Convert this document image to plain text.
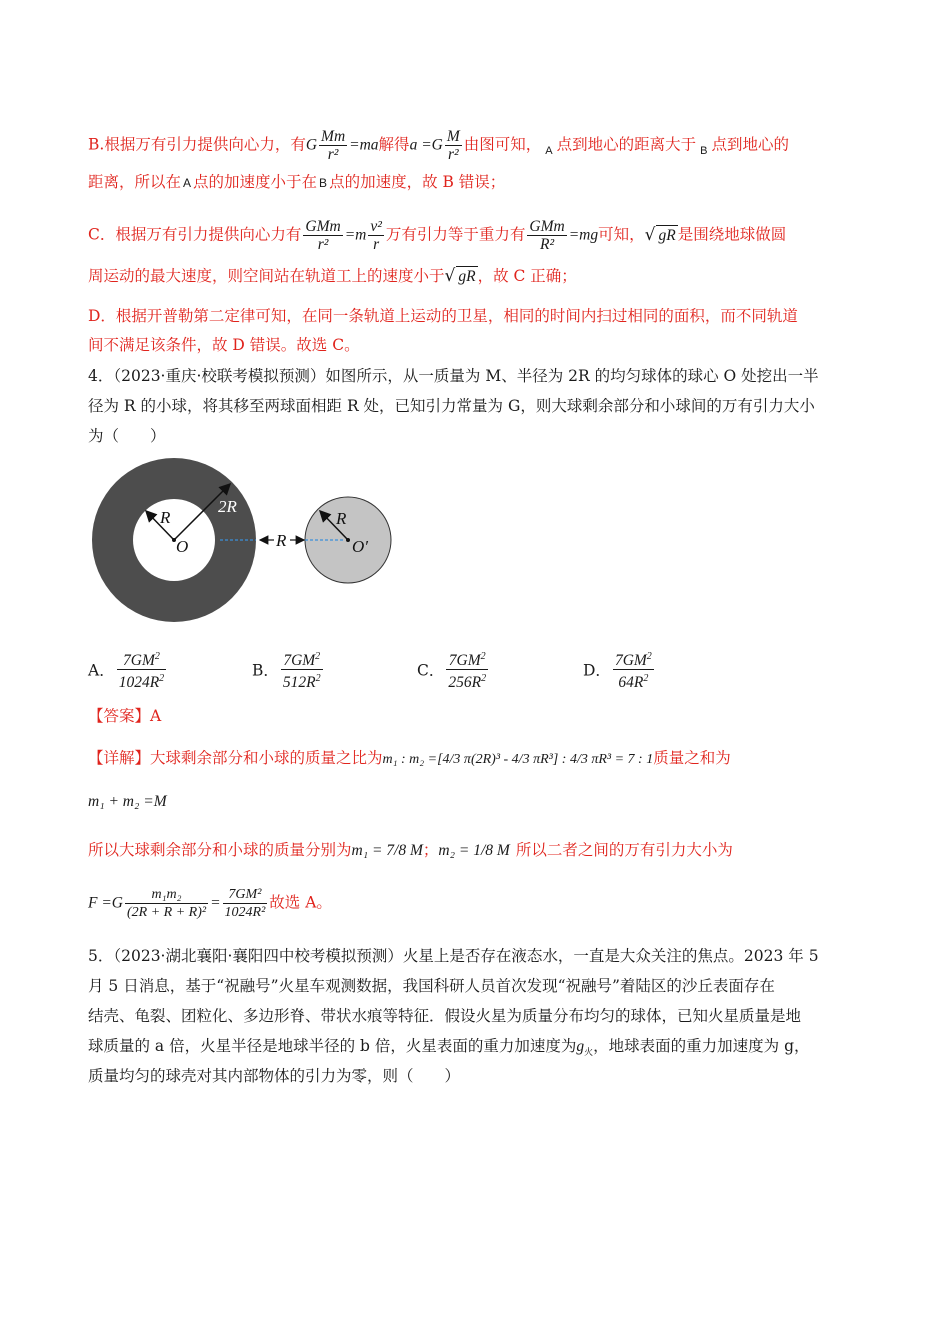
B.根据万有引力提供向心力，有G $\frac{Mm}{\text{r²}} =ma$解得$a =G \frac{M}{\text{r²}}$ 由图可知， $_A$ 点到地心的距离大于 $_B$ 点到地心的
距离，所以在 A 点的加速度小于在 B 点的加速度，故 B 错误；
C．根据万有引力提供向心力有 $\frac{\text{GMm}}{\text{r²}} =m \frac{\text{v²}}{r}$ 万有引力等于重力有 $\frac{\text{GMm}}{\text{R²}} =mg$可知，√ gR 是围绕地球做圆
周运动的最大速度，则空间站在轨道工上的速度小于√ gR ，故 C 正确；
D．根据开普勒第二定律可知，在同一条轨道上运动的卫星，相同的时间内扫过相同的面积，而不同轨道
间不满足该条件，故 D 错误。故选 C。
4．（2023·重庆·校联考模拟预测）如图所示，从一质量为 M、半径为 2R 的均匀球体的球心 O 处挖出一半
径为 R 的小球，将其移至两球面相距 R 处，已知引力常量为 G，则大球剩余部分和小球间的万有引力大小
为（　　）
R
2R
O	R
R
O′
A． $\frac{7GM^2}{1024R^2}$	B． $\frac{7GM^2}{512R^2}$	C． $\frac{7GM^2}{256R^2}$	D． $\frac{7GM^2}{64R^2}$
【答案】A
【详解】大球剩余部分和小球的质量之比为m₁ : m₂ =[4/3 π(2R)³ - 4/3 πR³] : 4/3 πR³ = 7 : 1质量之和为
m₁ + m₂ =M
所以大球剩余部分和小球的质量分别为m₁ = 7/8 M；m₂ = 1/8 M 所以二者之间的万有引力大小为
$F =G \frac{\text{m₁m₂}}{\text{(2R + R + R)²}} = \frac{\text{7GM²}}{\text{1024R²}}$ 故选 A。
5．（2023·湖北襄阳·襄阳四中校考模拟预测）火星上是否存在液态水，一直是大众关注的焦点。2023 年 5
月 5 日消息，基于“祝融号”火星车观测数据，我国科研人员首次发现“祝融号”着陆区的沙丘表面存在
结壳、龟裂、团粒化、多边形脊、带状水痕等特征．假设火星为质量分布均匀的球体，已知火星质量是地
球质量的 a 倍，火星半径是地球半径的 b 倍，火星表面的重力加速度为$g_火$，地球表面的重力加速度为 g，
质量均匀的球壳对其内部物体的引力为零，则（　　）
